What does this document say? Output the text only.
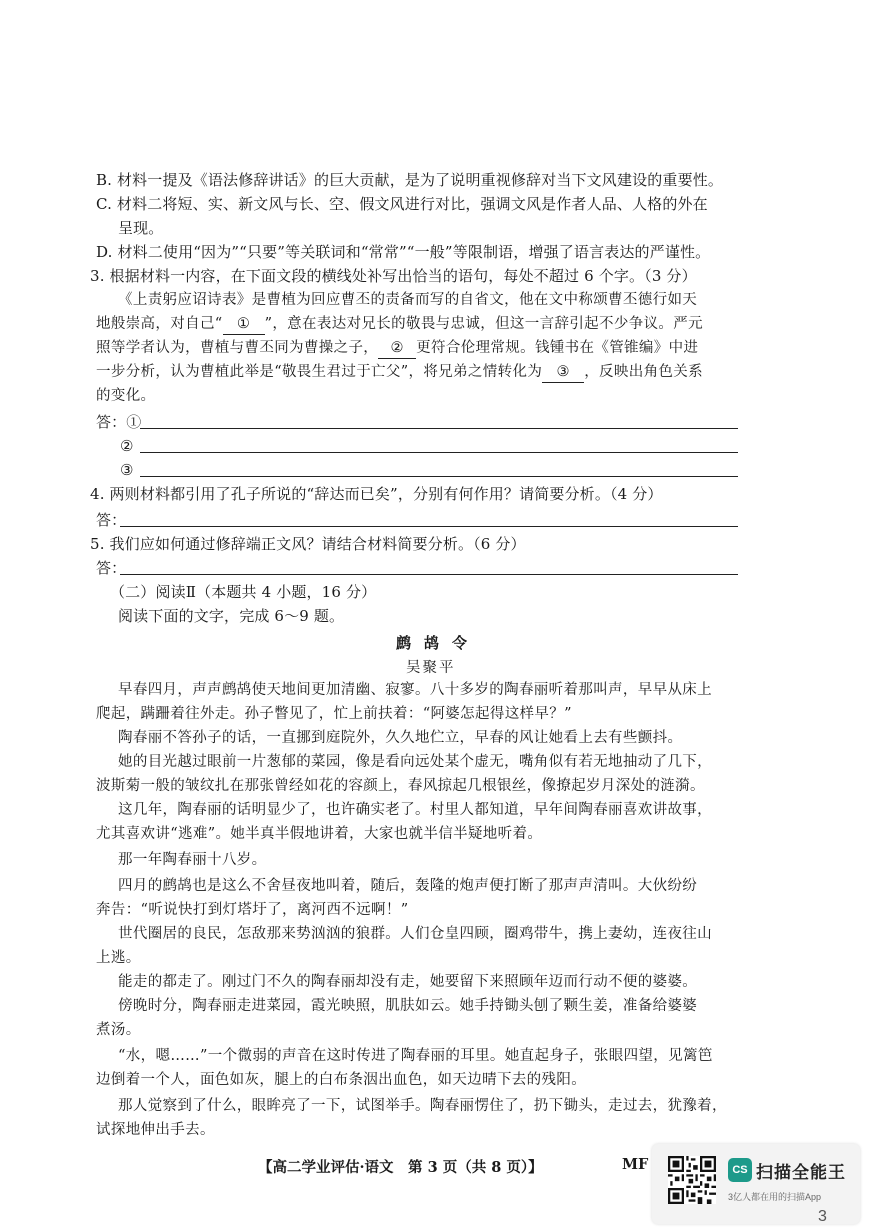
B. 材料一提及《语法修辞讲话》的巨大贡献，是为了说明重视修辞对当下文风建设的重要性。
C. 材料二将短、实、新文风与长、空、假文风进行对比，强调文风是作者人品、人格的外在
呈现。
D. 材料二使用“因为”“只要”等关联词和“常常”“一般”等限制语，增强了语言表达的严谨性。
3. 根据材料一内容，在下面文段的横线处补写出恰当的语句，每处不超过 6 个字。（3 分）
《上责躬应诏诗表》是曹植为回应曹丕的责备而写的自省文，他在文中称颂曹丕德行如天
地般崇高，对自己“ ① ”，意在表达对兄长的敬畏与忠诚，但这一言辞引起不少争议。严元
照等学者认为，曹植与曹丕同为曹操之子， ② 更符合伦理常规。钱锺书在《管锥编》中进
一步分析，认为曹植此举是“敬畏生君过于亡父”，将兄弟之情转化为 ③ ，反映出角色关系
的变化。
答：①
②
③
4. 两则材料都引用了孔子所说的“辞达而已矣”，分别有何作用？请简要分析。（4 分）
答：
5. 我们应如何通过修辞端正文风？请结合材料简要分析。（6 分）
答：
（二）阅读Ⅱ（本题共 4 小题，16 分）
阅读下面的文字，完成 6～9 题。
鹧鸪令
吴聚平
早春四月，声声鹧鸪使天地间更加清幽、寂寥。八十多岁的陶春丽听着那叫声，早早从床上
爬起，蹒跚着往外走。孙子瞥见了，忙上前扶着：“阿婆怎起得这样早？”
陶春丽不答孙子的话，一直挪到庭院外，久久地伫立，早春的风让她看上去有些颤抖。
她的目光越过眼前一片葱郁的菜园，像是看向远处某个虚无，嘴角似有若无地抽动了几下，
波斯菊一般的皱纹扎在那张曾经如花的容颜上，春风掠起几根银丝，像撩起岁月深处的涟漪。
这几年，陶春丽的话明显少了，也许确实老了。村里人都知道，早年间陶春丽喜欢讲故事，
尤其喜欢讲“逃难”。她半真半假地讲着，大家也就半信半疑地听着。
那一年陶春丽十八岁。
四月的鹧鸪也是这么不舍昼夜地叫着，随后，轰隆的炮声便打断了那声声清叫。大伙纷纷
奔告：“听说快打到灯塔圩了，离河西不远啊！”
世代圈居的良民，怎敌那来势汹汹的狼群。人们仓皇四顾，圈鸡带牛，携上妻幼，连夜往山
上逃。
能走的都走了。刚过门不久的陶春丽却没有走，她要留下来照顾年迈而行动不便的婆婆。
傍晚时分，陶春丽走进菜园，霞光映照，肌肤如云。她手持锄头刨了颗生姜，准备给婆婆
煮汤。
“水，嗯……”一个微弱的声音在这时传进了陶春丽的耳里。她直起身子，张眼四望，见篱笆
边倒着一个人，面色如灰，腿上的白布条洇出血色，如天边晴下去的残阳。
那人觉察到了什么，眼眸亮了一下，试图举手。陶春丽愣住了，扔下锄头，走过去，犹豫着，
试探地伸出手去。
【高二学业评估·语文　第 3 页（共 8 页）】	MF	CS 扫描全能王
3亿人都在用的扫描App
3
